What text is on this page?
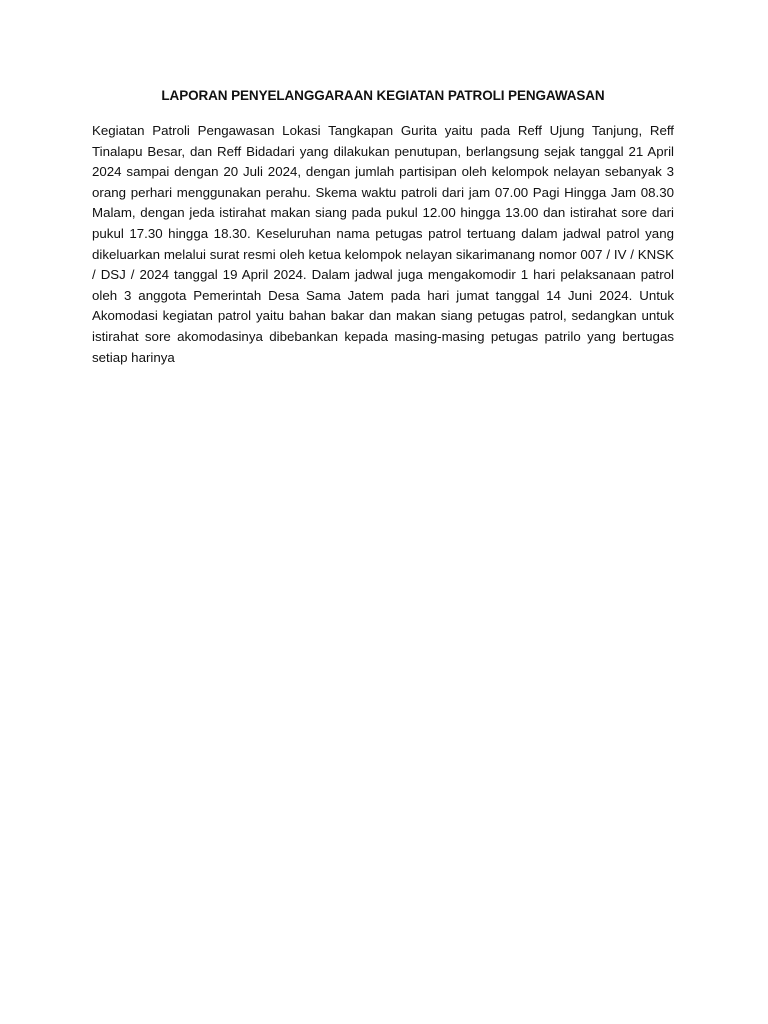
LAPORAN PENYELANGGARAAN KEGIATAN PATROLI PENGAWASAN

Kegiatan Patroli Pengawasan Lokasi Tangkapan Gurita yaitu pada Reff Ujung Tanjung, Reff Tinalapu Besar, dan Reff Bidadari yang dilakukan penutupan, berlangsung sejak tanggal 21 April 2024 sampai dengan 20 Juli 2024, dengan jumlah partisipan oleh kelompok nelayan sebanyak 3 orang perhari menggunakan perahu. Skema waktu patroli dari jam 07.00 Pagi Hingga Jam 08.30 Malam, dengan jeda istirahat makan siang pada pukul 12.00 hingga 13.00 dan istirahat sore dari pukul 17.30 hingga 18.30. Keseluruhan nama petugas patrol tertuang dalam jadwal patrol yang dikeluarkan melalui surat resmi oleh ketua kelompok nelayan sikarimanang nomor 007 / IV / KNSK / DSJ / 2024 tanggal 19 April 2024. Dalam jadwal juga mengakomodir 1 hari pelaksanaan patrol oleh 3 anggota Pemerintah Desa Sama Jatem pada hari jumat tanggal 14 Juni 2024. Untuk Akomodasi kegiatan patrol yaitu bahan bakar dan makan siang petugas patrol, sedangkan untuk istirahat sore akomodasinya dibebankan kepada masing-masing petugas patrilo yang bertugas setiap harinya
